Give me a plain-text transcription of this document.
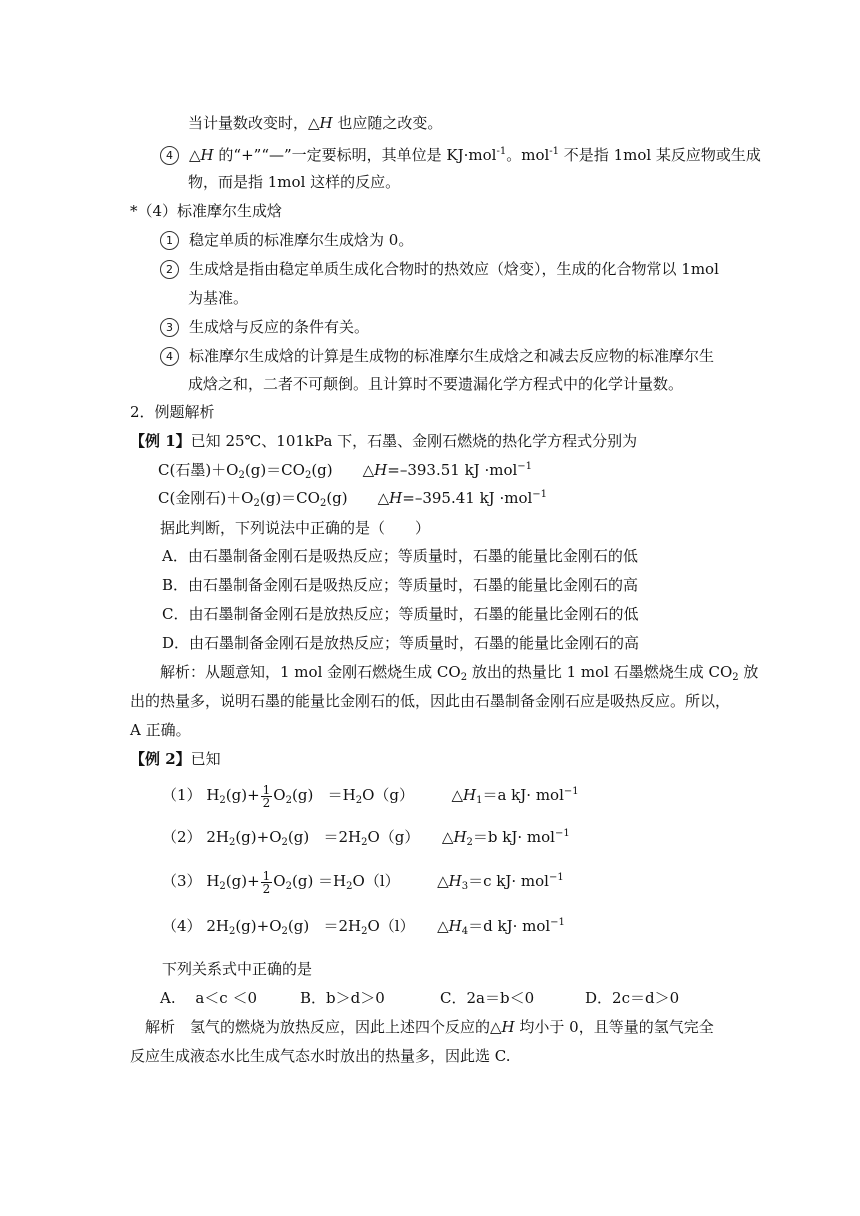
当计量数改变时，△H 也应随之改变。
4 △H 的“+”“—”一定要标明，其单位是 KJ·mol$^{-1}$。mol$^{-1}$ 不是指 1mol 某反应物或生成
物，而是指 1mol 这样的反应。
*（4）标准摩尔生成焓
1 稳定单质的标准摩尔生成焓为 0。
2 生成焓是指由稳定单质生成化合物时的热效应（焓变），生成的化合物常以 1mol
为基准。
3 生成焓与反应的条件有关。
4 标准摩尔生成焓的计算是生成物的标准摩尔生成焓之和减去反应物的标准摩尔生
成焓之和，二者不可颠倒。且计算时不要遗漏化学方程式中的化学计量数。
2．例题解析
【例 1】已知 25℃、101kPa 下，石墨、金刚石燃烧的热化学方程式分别为
C(石墨)$+O_2(g)=CO_2(g)$　　△H=–393.51 kJ ·mol$^{-1}$
C(金刚石)$+O_2(g)=CO_2(g)$　　△H=–395.41 kJ ·mol$^{-1}$
据此判断，下列说法中正确的是（　　）
A．由石墨制备金刚石是吸热反应；等质量时，石墨的能量比金刚石的低
B．由石墨制备金刚石是吸热反应；等质量时，石墨的能量比金刚石的高
C．由石墨制备金刚石是放热反应；等质量时，石墨的能量比金刚石的低
D．由石墨制备金刚石是放热反应；等质量时，石墨的能量比金刚石的高
解析：从题意知，1 mol 金刚石燃烧生成 $CO_2$ 放出的热量比 1 mol 石墨燃烧生成 $CO_2$ 放
出的热量多，说明石墨的能量比金刚石的低，因此由石墨制备金刚石应是吸热反应。所以，
A 正确。
【例 2】已知
（1） $H_2(g)+ \frac{1}{2} O_2(g) =H_2O(g)$　　　$\triangle H_1=a$ kJ· mol$^{-1}$
（2） $2H_2(g)+O_2(g) =2H_2O(g)$　　$\triangle H_2=b$ kJ· mol$^{-1}$
（3） $H_2(g)+ \frac{1}{2} O_2(g) =H_2O(l)$　　　$\triangle H_3=c$ kJ· mol$^{-1}$
（4） $2H_2(g)+O_2(g) =2H_2O(l)$　　$\triangle H_4=d$ kJ· mol$^{-1}$
下列关系式中正确的是
A.　 a＜c ＜0	B．b＞d＞0	C．2a＝b＜0	D．2c＝d＞0
解析　氢气的燃烧为放热反应，因此上述四个反应的△H 均小于 0，且等量的氢气完全
反应生成液态水比生成气态水时放出的热量多，因此选 C.
